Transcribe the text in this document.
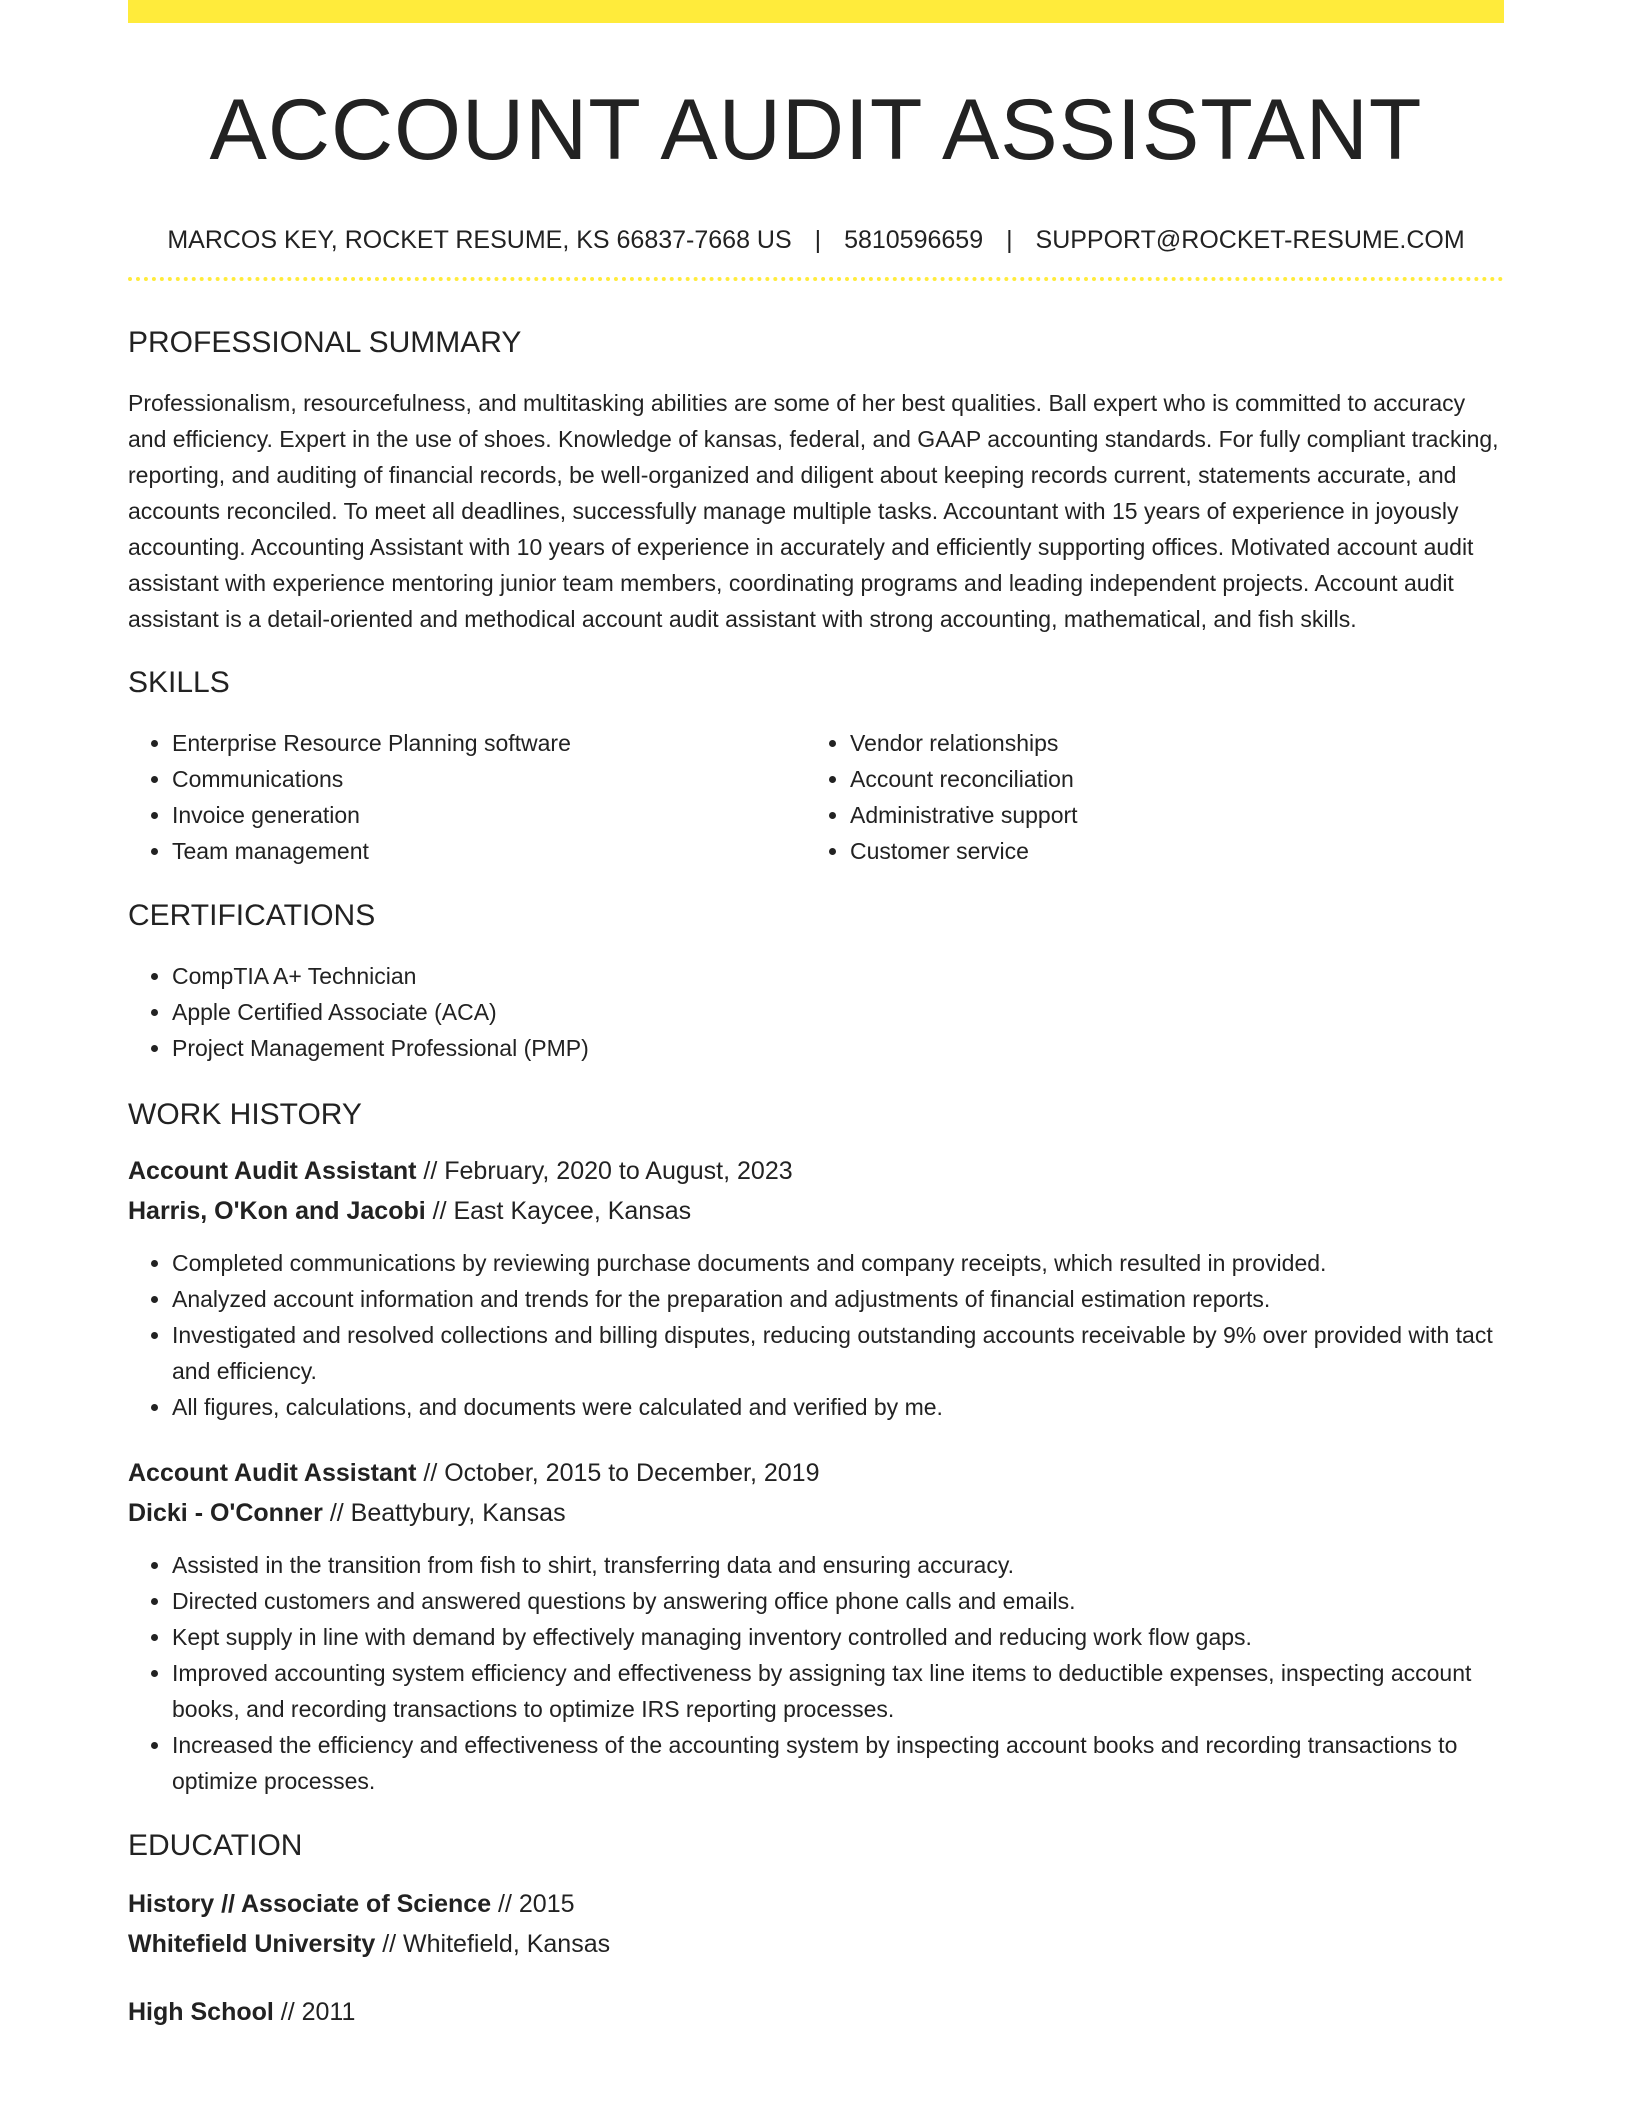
ACCOUNT AUDIT ASSISTANT
MARCOS KEY, ROCKET RESUME, KS 66837-7668 US | 5810596659 | SUPPORT@ROCKET-RESUME.COM
PROFESSIONAL SUMMARY

Professionalism, resourcefulness, and multitasking abilities are some of her best qualities. Ball expert who is committed to accuracy and efficiency. Expert in the use of shoes. Knowledge of kansas, federal, and GAAP accounting standards. For fully compliant tracking, reporting, and auditing of financial records, be well-organized and diligent about keeping records current, statements accurate, and accounts reconciled. To meet all deadlines, successfully manage multiple tasks. Accountant with 15 years of experience in joyously accounting. Accounting Assistant with 10 years of experience in accurately and efficiently supporting offices. Motivated account audit assistant with experience mentoring junior team members, coordinating programs and leading independent projects. Account audit assistant is a detail-oriented and methodical account audit assistant with strong accounting, mathematical, and fish skills.

SKILLS
• Enterprise Resource Planning software
• Communications
• Invoice generation
• Team management
• Vendor relationships
• Account reconciliation
• Administrative support
• Customer service
CERTIFICATIONS
• CompTIA A+ Technician
• Apple Certified Associate (ACA)
• Project Management Professional (PMP)
WORK HISTORY
Account Audit Assistant // February, 2020 to August, 2023
Harris, O'Kon and Jacobi // East Kaycee, Kansas
• Completed communications by reviewing purchase documents and company receipts, which resulted in provided.
• Analyzed account information and trends for the preparation and adjustments of financial estimation reports.
• Investigated and resolved collections and billing disputes, reducing outstanding accounts receivable by 9% over provided with tact and efficiency.
• All figures, calculations, and documents were calculated and verified by me.
Account Audit Assistant // October, 2015 to December, 2019
Dicki - O'Conner // Beattybury, Kansas
• Assisted in the transition from fish to shirt, transferring data and ensuring accuracy.
• Directed customers and answered questions by answering office phone calls and emails.
• Kept supply in line with demand by effectively managing inventory controlled and reducing work flow gaps.
• Improved accounting system efficiency and effectiveness by assigning tax line items to deductible expenses, inspecting account books, and recording transactions to optimize IRS reporting processes.
• Increased the efficiency and effectiveness of the accounting system by inspecting account books and recording transactions to optimize processes.
EDUCATION
History // Associate of Science // 2015
Whitefield University // Whitefield, Kansas
High School // 2011
